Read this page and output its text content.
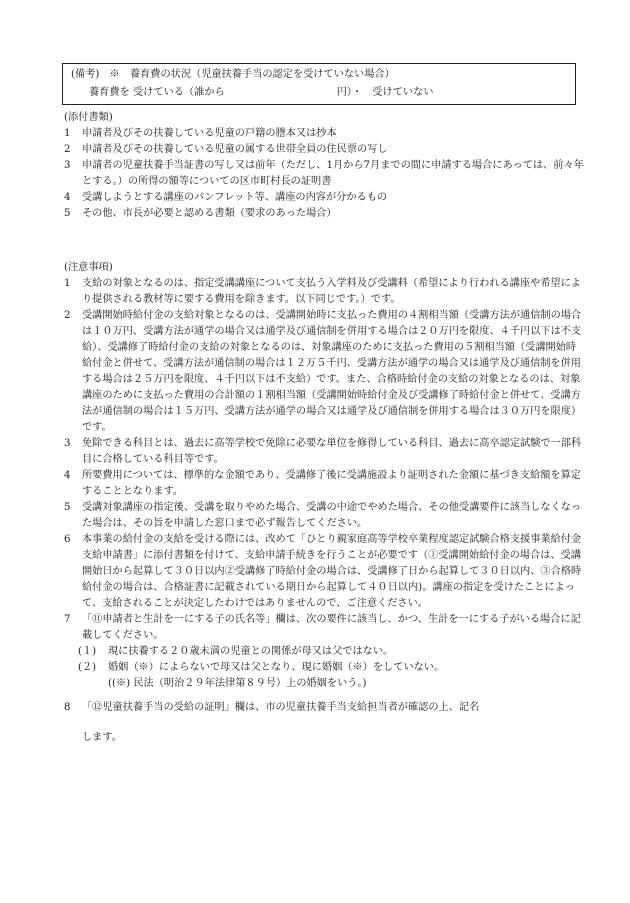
(備考)　※　養育費の状況（児童扶養手当の認定を受けていない場合）
養育費を 受けている（誰から	円）・　受けていない
(添付書類)
1	申請者及びその扶養している児童の戸籍の謄本又は抄本
2	申請者及びその扶養している児童の属する世帯全員の住民票の写し
3	申請者の児童扶養手当証書の写し又は前年（ただし、1月から7月までの間に申請する場合にあっては、前々年とする。）の所得の額等についての区市町村長の証明書
4	受講しようとする講座のパンフレット等、講座の内容が分かるもの
5	その他、市長が必要と認める書類（要求のあった場合）
(注意事項)
1	支給の対象となるのは、指定受講講座について支払う入学料及び受講料（希望により行われる講座や希望により提供される教材等に要する費用を除きます。以下同じです。）です。
2	受講開始時給付金の支給対象となるのは、受講開始時に支払った費用の４割相当額（受講方法が通信制の場合は１０万円、受講方法が通学の場合又は通学及び通信制を併用する場合は２０万円を限度、４千円以下は不支給）、受講修了時給付金の支給の対象となるのは、対象講座のために支払った費用の５割相当額（受講開始時給付金と併せて、受講方法が通信制の場合は１２万５千円、受講方法が通学の場合又は通学及び通信制を併用する場合は２５万円を限度、４千円以下は不支給）です。また、合格時給付金の支給の対象となるのは、対象講座のために支払った費用の合計額の１割相当額（受講開始時給付金及び受講修了時給付金と併せて、受講方法が通信制の場合は１５万円、受講方法が通学の場合又は通学及び通信制を併用する場合は３０万円を限度）です。
3	免除できる科目とは、過去に高等学校で免除に必要な単位を修得している科目、過去に高卒認定試験で一部科目に合格している科目等です。
4	所要費用については、標準的な金額であり、受講修了後に受講施設より証明された金額に基づき支給額を算定することとなります。
5	受講対象講座の指定後、受講を取りやめた場合、受講の中途でやめた場合、その他受講要件に該当しなくなった場合は、その旨を申請した窓口まで必ず報告してください。
6	本事業の給付金の支給を受ける際には、改めて「ひとり親家庭高等学校卒業程度認定試験合格支援事業給付金支給申請書」に添付書類を付けて、支給申請手続きを行うことが必要です（①受講開始給付金の場合は、受講開始日から起算して３０日以内②受講修了時給付金の場合は、受講修了日から起算して３０日以内、③合格時給付金の場合は、合格証書に記載されている期日から起算して４０日以内)。講座の指定を受けたことによって、支給されることが決定したわけではありませんので、ご注意ください。
7	「⑪申請者と生計を一にする子の氏名等」欄は、次の要件に該当し、かつ、生計を一にする子がいる場合に記載してください。
(１)	現に扶養する２０歳未満の児童との関係が母又は父ではない。
(２)	婚姻（※）によらないで母又は父となり、現に婚姻（※）をしていない。
((※) 民法（明治２９年法律第８９号）上の婚姻をいう。)
8	「⑫児童扶養手当の受給の証明」欄は、市の児童扶養手当支給担当者が確認の上、記名
します。
